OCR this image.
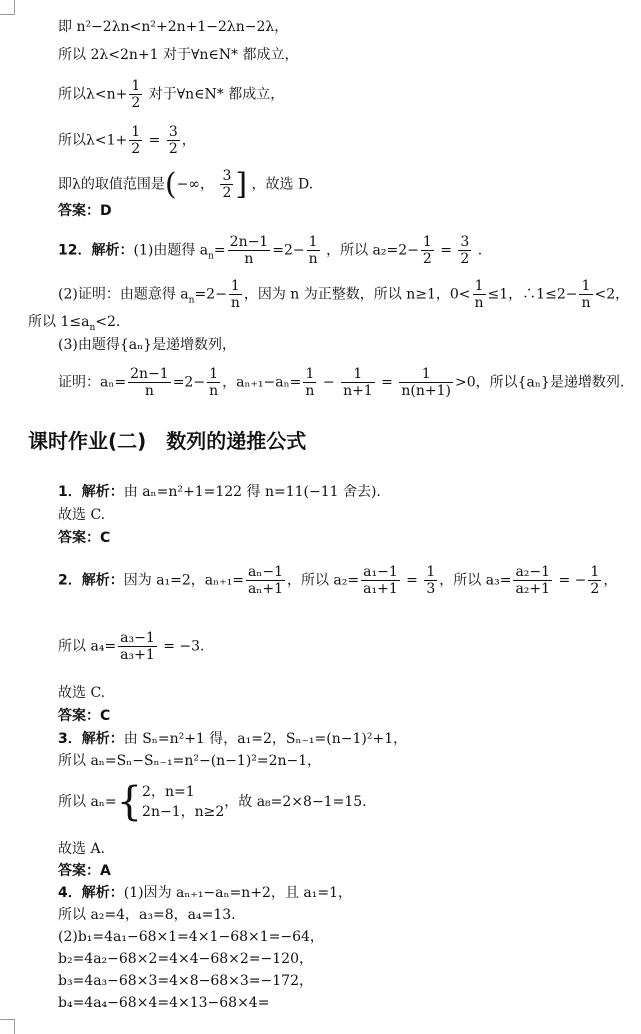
即 n²−2λn<n²+2n+1−2λn−2λ，
所以 2λ<2n+1 对于∀n∈N* 都成立，
所以$\lambda<n+ \frac{1}{2}$ 对于∀n∈N* 都成立，
所以$\lambda<1+ \frac{1}{2} = \frac{3}{2}$ ，
即λ的取值范围是(−∞， $\frac{3}{2}$ ] ，故选 D.
答案：D
12．解析：(1)由题得 $a_n= \frac{2n-1}{n} =2- \frac{1}{n}$ ，所以 $a_2=2- \frac{1}{2} = \frac{3}{2}$ .
(2)证明：由题意得 $a_n=2- \frac{1}{n}$ ，因为 n 为正整数，所以 n≥1，$0< \frac{1}{n} \le 1$，∴1≤2− $\frac{1}{n} <2$，
所以 $1\le a_n<2$.
(3)由题得{aₙ}是递增数列，
证明：$a_n= \frac{2n-1}{n} =2- \frac{1}{n}$ ，$a_{n+1}-a_n= \frac{1}{n} - \frac{1}{n+1} = \frac{1}{n(n+1)} >0$，所以{aₙ}是递增数列.
课时作业(二)　数列的递推公式
1．解析：由 aₙ=n²+1=122 得 n=11(−11 舍去).
故选 C.
答案：C
2．解析：因为 a₁=2，$a_{n+1}= \frac{\text{aₙ−1}}{\text{aₙ+1}}$ ，所以 $a_2= \frac{\text{a₁−1}}{\text{a₁+1}} = \frac{1}{3}$ ，所以 $a_3= \frac{\text{a₂−1}}{\text{a₂+1}}$ = − $\frac{1}{2}$ ，
所以 $a_4= \frac{\text{a₃−1}}{\text{a₃+1}} = -3$.
故选 C.
答案：C
3．解析：由 Sₙ=n²+1 得，a₁=2，Sₙ₋₁=(n−1)²+1，
所以 aₙ=Sₙ−Sₙ₋₁=n²−(n−1)²=2n−1，
所以 aₙ={ 2，n=1
2n−1，n≥2
，故 a₈=2×8−1=15.
故选 A.
答案：A
4．解析：(1)因为 aₙ₊₁−aₙ=n+2，且 a₁=1，
所以 a₂=4，a₃=8，a₄=13.
(2)b₁=4a₁−68×1=4×1−68×1=−64，
b₂=4a₂−68×2=4×4−68×2=−120，
b₃=4a₃−68×3=4×8−68×3=−172，
b₄=4a₄−68×4=4×13−68×4=
